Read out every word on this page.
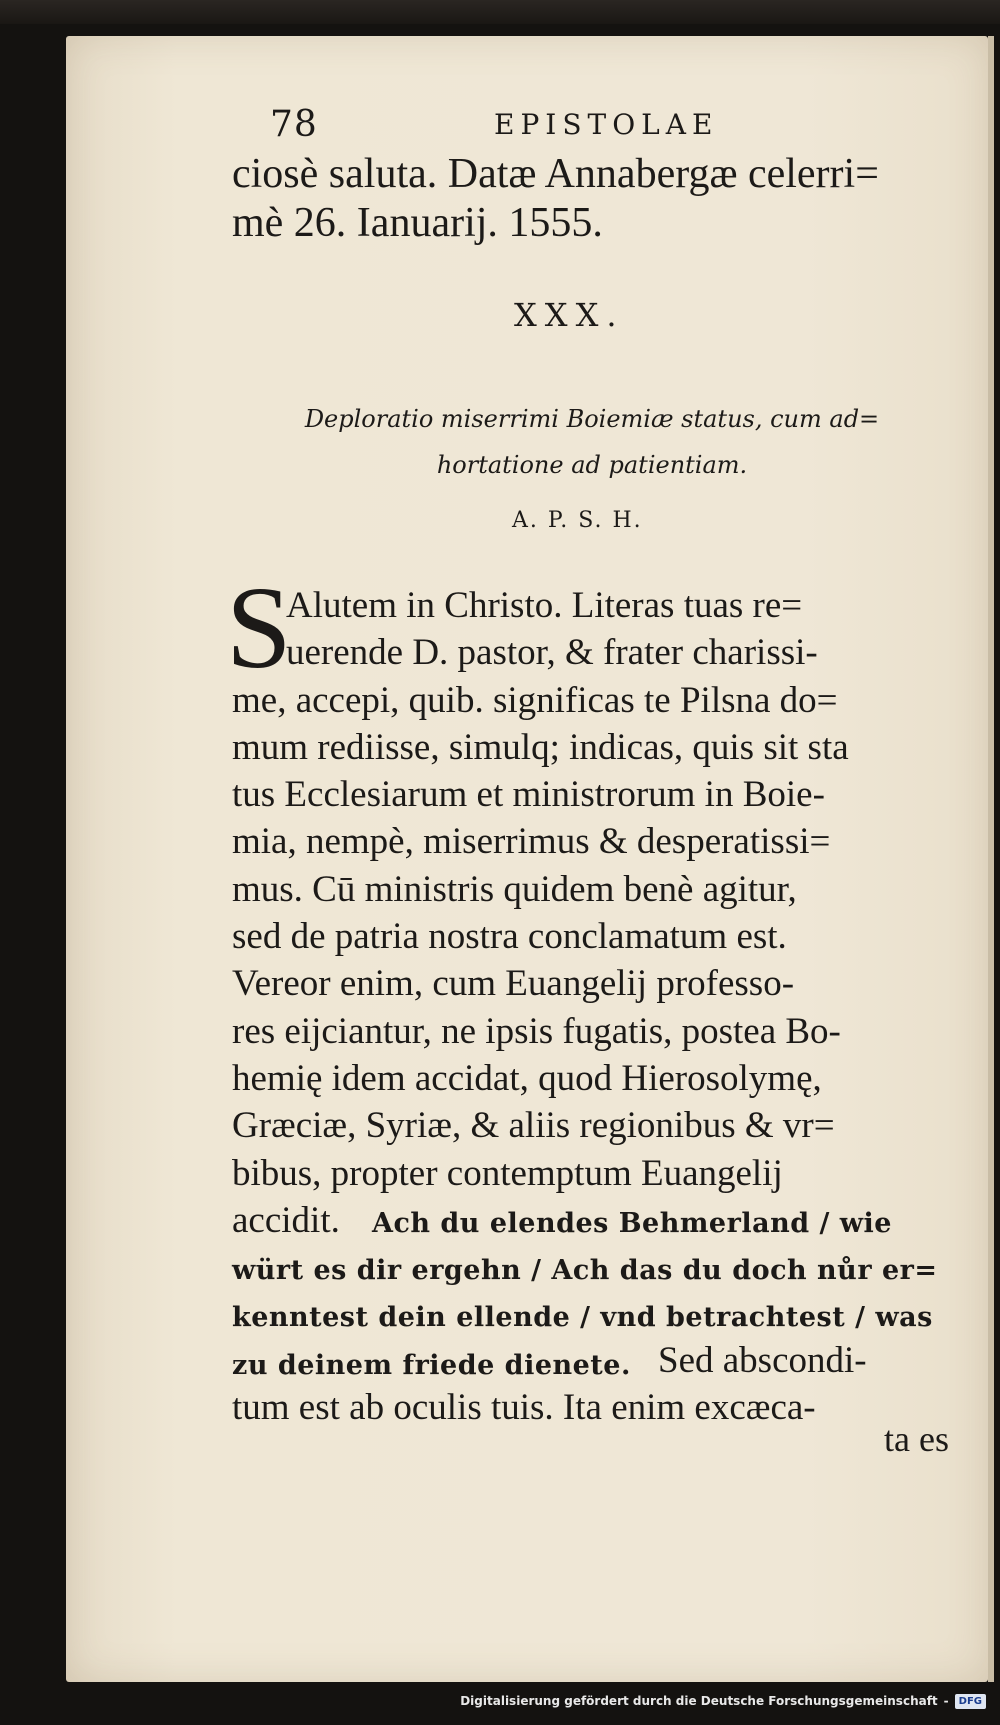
78	EPISTOLAE
ciosè saluta. Datæ Annabergæ celerri=
mè 26. Ianuarij. 1555.
XXX.
Deploratio miserrimi Boiemiæ status, cum ad=
hortatione ad patientiam.
A. P. S. H.
S
Alutem in Christo. Literas tuas re=
uerende D. pastor, & frater charissi-
me, accepi, quib. significas te Pilsna do=
mum rediisse, simulq; indicas, quis sit sta
tus Ecclesiarum et ministrorum in Boie-
mia, nempè, miserrimus & desperatissi=
mus. Cū ministris quidem benè agitur,
sed de patria nostra conclamatum est.
Vereor enim, cum Euangelij professo-
res eijciantur, ne ipsis fugatis, postea Bo-
hemię idem accidat, quod Hierosolymę,
Græciæ, Syriæ, & aliis regionibus & vr=
bibus, propter contemptum Euangelij
accidit.	Ach du elendes Behmerland / wie
würt es dir ergehn / Ach das du doch nůr er=
kenntest dein ellende / vnd betrachtest / was
zu deinem friede dienete. Sed abscondi-
tum est ab oculis tuis. Ita enim excæca-
ta es
Digitalisierung gefördert durch die Deutsche Forschungsgemeinschaft -	DFG
